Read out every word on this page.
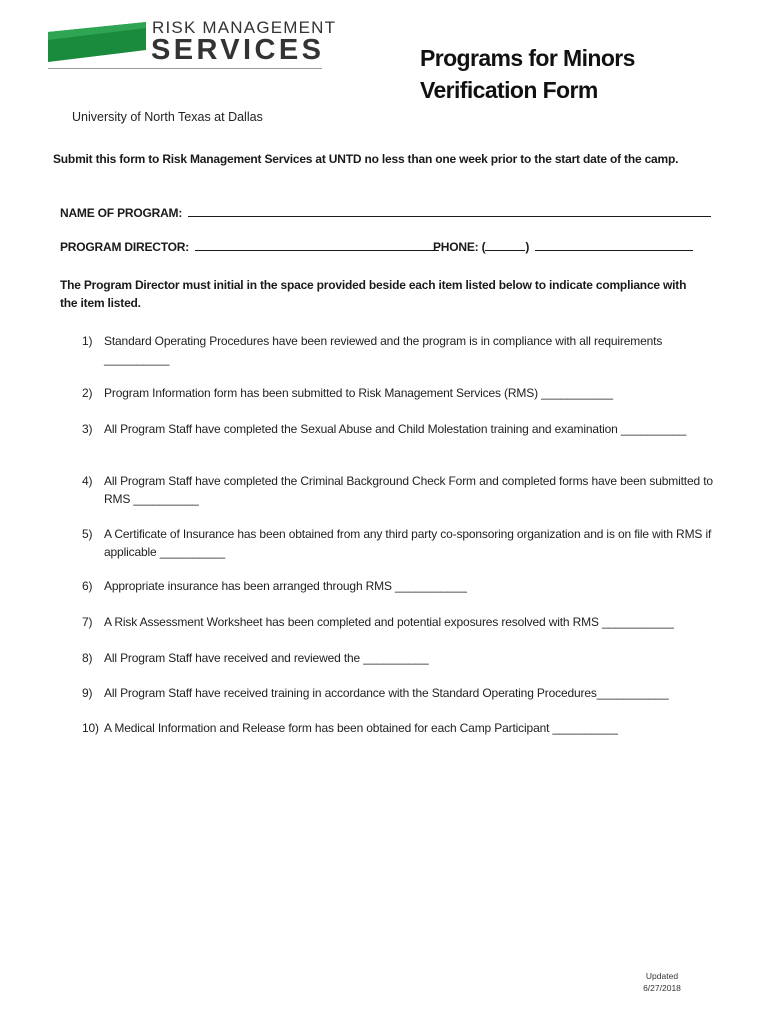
RISK MANAGEMENT
SERVICES	Programs for Minors
Verification Form
University of North Texas at Dallas
Submit this form to Risk Management Services at UNTD no less than one week prior to the start date of the camp.
NAME OF PROGRAM:
PROGRAM DIRECTOR:	PHONE: (	)
The Program Director must initial in the space provided beside each item listed below to indicate compliance with the item listed.
1) Standard Operating Procedures have been reviewed and the program is in compliance with all requirements __________
2) Program Information form has been submitted to Risk Management Services (RMS) ___________
3) All Program Staff have completed the Sexual Abuse and Child Molestation training and examination __________
4) All Program Staff have completed the Criminal Background Check Form and completed forms have been submitted to RMS __________
5) A Certificate of Insurance has been obtained from any third party co-sponsoring organization and is on file with RMS if applicable __________
6) Appropriate insurance has been arranged through RMS ___________
7) A Risk Assessment Worksheet has been completed and potential exposures resolved with RMS ___________
8) All Program Staff have received and reviewed the __________
9) All Program Staff have received training in accordance with the Standard Operating Procedures___________
10) A Medical Information and Release form has been obtained for each Camp Participant __________
Updated
6/27/2018
